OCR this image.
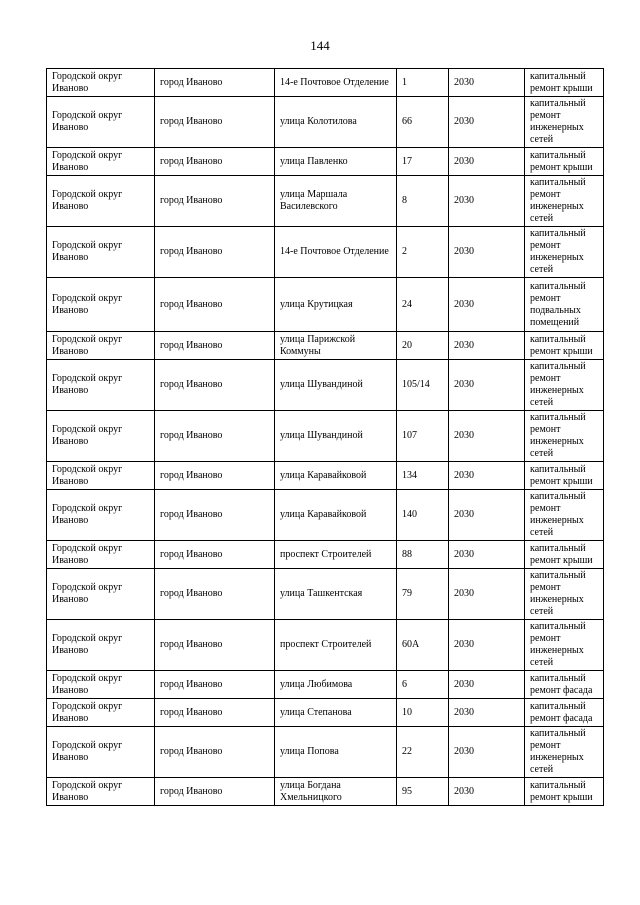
144
Городской округ Иваново	город Иваново	14-е Почтовое Отделение	1	2030	капитальный ремонт крыши
Городской округ Иваново	город Иваново	улица Колотилова	66	2030	капитальный ремонт инженерных сетей
Городской округ Иваново	город Иваново	улица Павленко	17	2030	капитальный ремонт крыши
Городской округ Иваново	город Иваново	улица Маршала Василевского	8	2030	капитальный ремонт инженерных сетей
Городской округ Иваново	город Иваново	14-е Почтовое Отделение	2	2030	капитальный ремонт инженерных сетей
Городской округ Иваново	город Иваново	улица Крутицкая	24	2030	капитальный ремонт подвальных помещений
Городской округ Иваново	город Иваново	улица Парижской Коммуны	20	2030	капитальный ремонт крыши
Городской округ Иваново	город Иваново	улица Шувандиной	105/14	2030	капитальный ремонт инженерных сетей
Городской округ Иваново	город Иваново	улица Шувандиной	107	2030	капитальный ремонт инженерных сетей
Городской округ Иваново	город Иваново	улица Каравайковой	134	2030	капитальный ремонт крыши
Городской округ Иваново	город Иваново	улица Каравайковой	140	2030	капитальный ремонт инженерных сетей
Городской округ Иваново	город Иваново	проспект Строителей	88	2030	капитальный ремонт крыши
Городской округ Иваново	город Иваново	улица Ташкентская	79	2030	капитальный ремонт инженерных сетей
Городской округ Иваново	город Иваново	проспект Строителей	60А	2030	капитальный ремонт инженерных сетей
Городской округ Иваново	город Иваново	улица Любимова	6	2030	капитальный ремонт фасада
Городской округ Иваново	город Иваново	улица Степанова	10	2030	капитальный ремонт фасада
Городской округ Иваново	город Иваново	улица Попова	22	2030	капитальный ремонт инженерных сетей
Городской округ Иваново	город Иваново	улица Богдана Хмельницкого	95	2030	капитальный ремонт крыши
